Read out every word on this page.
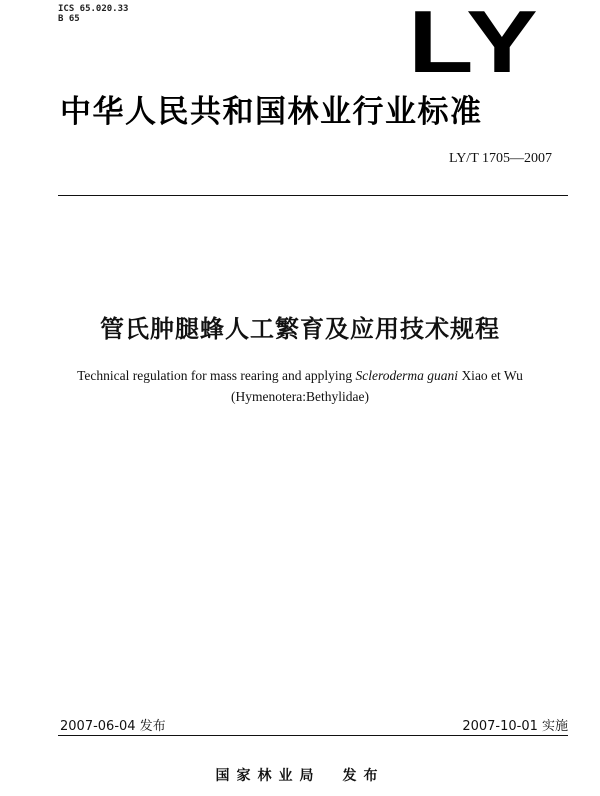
ICS 65.020.33
B 65	LY
中华人民共和国林业行业标准
LY/T 1705—2007
管氏肿腿蜂人工繁育及应用技术规程
Technical regulation for mass rearing and applying Scleroderma guani Xiao et Wu
(Hymenotera:Bethylidae)
2007-06-04 发布	2007-10-01 实施
国家林业局 发布
